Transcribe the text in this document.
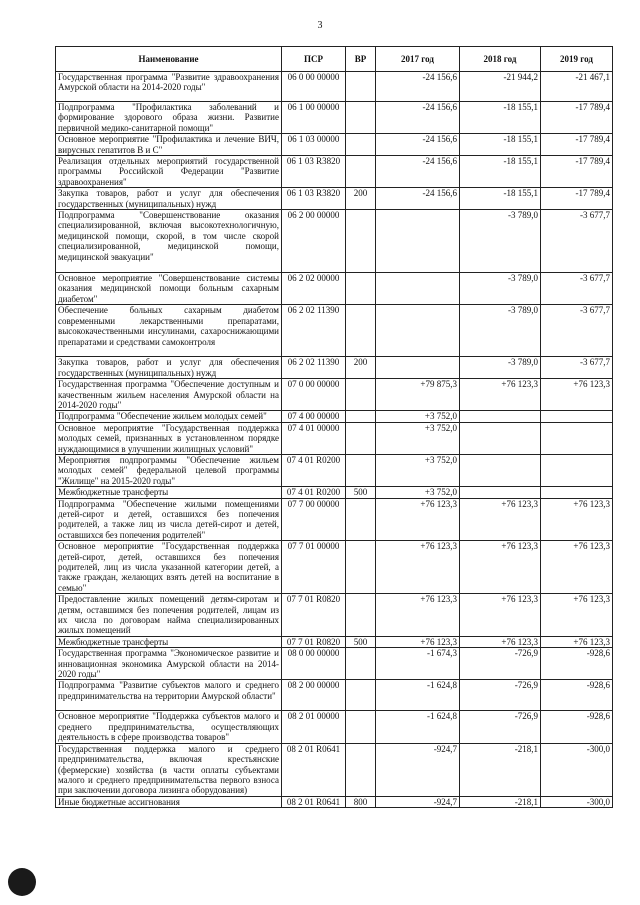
3
Наименование	ПСР	ВР	2017 год	2018 год	2019 год
Государственная программа "Развитие здравоохранения Амурской области на 2014-2020 годы"	06 0 00 00000		-24 156,6	-21 944,2	-21 467,1
Подпрограмма "Профилактика заболеваний и формирование здорового образа жизни. Развитие первичной медико-санитарной помощи"	06 1 00 00000		-24 156,6	-18 155,1	-17 789,4
Основное мероприятие "Профилактика и лечение ВИЧ, вирусных гепатитов В и С"	06 1 03 00000		-24 156,6	-18 155,1	-17 789,4
Реализация отдельных мероприятий государственной программы Российской Федерации "Развитие здравоохранения"	06 1 03 R3820		-24 156,6	-18 155,1	-17 789,4
Закупка товаров, работ и услуг для обеспечения государственных (муниципальных) нужд	06 1 03 R3820	200	-24 156,6	-18 155,1	-17 789,4
Подпрограмма "Совершенствование оказания специализированной, включая высокотехнологичную, медицинской помощи, скорой, в том числе скорой специализированной, медицинской помощи, медицинской эвакуации"	06 2 00 00000			-3 789,0	-3 677,7
Основное мероприятие "Совершенствование системы оказания медицинской помощи больным сахарным диабетом"	06 2 02 00000			-3 789,0	-3 677,7
Обеспечение больных сахарным диабетом современными лекарственными препаратами, высококачественными инсулинами, сахароснижающими препаратами и средствами самоконтроля	06 2 02 11390			-3 789,0	-3 677,7
Закупка товаров, работ и услуг для обеспечения государственных (муниципальных) нужд	06 2 02 11390	200		-3 789,0	-3 677,7
Государственная программа "Обеспечение доступным и качественным жильем населения Амурской области на 2014-2020 годы"	07 0 00 00000		+79 875,3	+76 123,3	+76 123,3
Подпрограмма "Обеспечение жильем молодых семей"	07 4 00 00000		+3 752,0		
Основное мероприятие "Государственная поддержка молодых семей, признанных в установленном порядке нуждающимися в улучшении жилищных условий"	07 4 01 00000		+3 752,0		
Мероприятия подпрограммы "Обеспечение жильем молодых семей" федеральной целевой программы "Жилище" на 2015-2020 годы"	07 4 01 R0200		+3 752,0		
Межбюджетные трансферты	07 4 01 R0200	500	+3 752,0		
Подпрограмма "Обеспечение жилыми помещениями детей-сирот и детей, оставшихся без попечения родителей, а также лиц из числа детей-сирот и детей, оставшихся без попечения родителей"	07 7 00 00000		+76 123,3	+76 123,3	+76 123,3
Основное мероприятие "Государственная поддержка детей-сирот, детей, оставшихся без попечения родителей, лиц из числа указанной категории детей, а также граждан, желающих взять детей на воспитание в семью"	07 7 01 00000		+76 123,3	+76 123,3	+76 123,3
Предоставление жилых помещений детям-сиротам и детям, оставшимся без попечения родителей, лицам из их числа по договорам найма специализированных жилых помещений	07 7 01 R0820		+76 123,3	+76 123,3	+76 123,3
Межбюджетные трансферты	07 7 01 R0820	500	+76 123,3	+76 123,3	+76 123,3
Государственная программа "Экономическое развитие и инновационная экономика Амурской области на 2014-2020 годы"	08 0 00 00000		-1 674,3	-726,9	-928,6
Подпрограмма "Развитие субъектов малого и среднего предпринимательства на территории Амурской области"	08 2 00 00000		-1 624,8	-726,9	-928,6
Основное мероприятие "Поддержка субъектов малого и среднего предпринимательства, осуществляющих деятельность в сфере производства товаров"	08 2 01 00000		-1 624,8	-726,9	-928,6
Государственная поддержка малого и среднего предпринимательства, включая крестьянские (фермерские) хозяйства (в части оплаты субъектами малого и среднего предпринимательства первого взноса при заключении договора лизинга оборудования)	08 2 01 R0641		-924,7	-218,1	-300,0
Иные бюджетные ассигнования	08 2 01 R0641	800	-924,7	-218,1	-300,0
